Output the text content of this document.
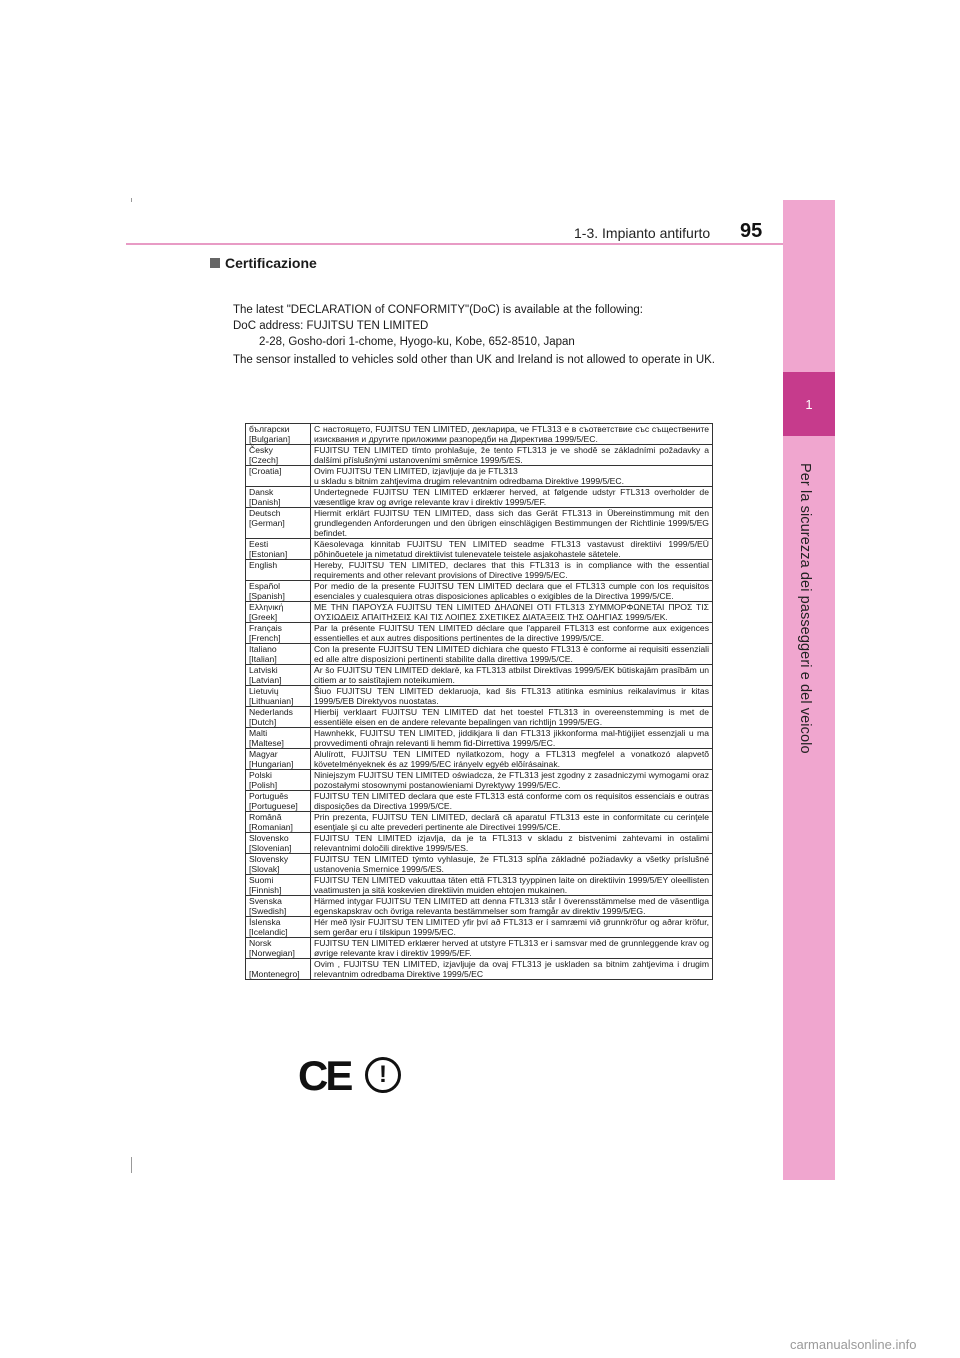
1
Per la sicurezza dei passeggeri e del veicolo
1-3. Impianto antifurto 95
Certificazione
The latest "DECLARATION of CONFORMITY"(DoC) is available at the following:
DoC address: FUJITSU TEN LIMITED
2-28, Gosho-dori 1-chome, Hyogo-ku, Kobe, 652-8510, Japan
The sensor installed to vehicles sold other than UK and Ireland is not allowed to operate in UK.
български
[Bulgarian]	С настоящето, FUJITSU TEN LIMITED, декларира, че FTL313 е в съответствие със съществените изисквания и другите приложими разпоредби на Директива 1999/5/ЕС.
Česky
[Czech]	FUJITSU TEN LIMITED tímto prohlašuje, že tento FTL313 je ve shodě se základními požadavky a dalšími příslušnými ustanoveními směrnice 1999/5/ES.
[Croatia]	Ovim FUJITSU TEN LIMITED, izjavljuje da je FTL313
u skladu s bitnim zahtjevima drugim relevantnim odredbama Direktive 1999/5/EC.
Dansk
[Danish]	Undertegnede FUJITSU TEN LIMITED erklærer herved, at følgende udstyr FTL313 overholder de væsentlige krav og øvrige relevante krav i direktiv 1999/5/EF.
Deutsch
[German]	Hiermit erklärt FUJITSU TEN LIMITED, dass sich das Gerät FTL313 in Übereinstimmung mit den grundlegenden Anforderungen und den übrigen einschlägigen Bestimmungen der Richtlinie 1999/5/EG befindet.
Eesti
[Estonian]	Käesolevaga kinnitab FUJITSU TEN LIMITED seadme FTL313 vastavust direktiivi 1999/5/EÜ põhinõuetele ja nimetatud direktiivist tulenevatele teistele asjakohastele sätetele.
English	Hereby, FUJITSU TEN LIMITED, declares that this FTL313 is in compliance with the essential requirements and other relevant provisions of Directive 1999/5/EC.
Español
[Spanish]	Por medio de la presente FUJITSU TEN LIMITED declara que el FTL313 cumple con los requisitos esenciales y cualesquiera otras disposiciones aplicables o exigibles de la Directiva 1999/5/CE.
Ελληνική
[Greek]	ΜΕ ΤΗΝ ΠΑΡΟΥΣΑ FUJITSU TEN LIMITED ΔΗΛΩΝΕΙ ΟΤΙ FTL313 ΣΥΜΜΟΡΦΩΝΕΤΑΙ ΠΡΟΣ ΤΙΣ ΟΥΣΙΩΔΕΙΣ ΑΠΑΙΤΗΣΕΙΣ ΚΑΙ ΤΙΣ ΛΟΙΠΕΣ ΣΧΕΤΙΚΕΣ ΔΙΑΤΑΞΕΙΣ ΤΗΣ ΟΔΗΓΙΑΣ 1999/5/ΕΚ.
Français
[French]	Par la présente FUJITSU TEN LIMITED déclare que l'appareil FTL313 est conforme aux exigences essentielles et aux autres dispositions pertinentes de la directive 1999/5/CE.
Italiano
[Italian]	Con la presente FUJITSU TEN LIMITED dichiara che questo FTL313 è conforme ai requisiti essenziali ed alle altre disposizioni pertinenti stabilite dalla direttiva 1999/5/CE.
Latviski
[Latvian]	Ar šo FUJITSU TEN LIMITED deklarē, ka FTL313 atbilst Direktīvas 1999/5/EK būtiskajām prasībām un citiem ar to saistītajiem noteikumiem.
Lietuvių
[Lithuanian]	Šiuo FUJITSU TEN LIMITED deklaruoja, kad šis FTL313 atitinka esminius reikalavimus ir kitas 1999/5/EB Direktyvos nuostatas.
Nederlands
[Dutch]	Hierbij verklaart FUJITSU TEN LIMITED dat het toestel FTL313 in overeenstemming is met de essentiële eisen en de andere relevante bepalingen van richtlijn 1999/5/EG.
Malti
[Maltese]	Hawnhekk, FUJITSU TEN LIMITED, jiddikjara li dan FTL313 jikkonforma mal-ħtiġijiet essenzjali u ma provvedimenti oħrajn relevanti li hemm fid-Dirrettiva 1999/5/EC.
Magyar
[Hungarian]	Alulírott, FUJITSU TEN LIMITED nyilatkozom, hogy a FTL313 megfelel a vonatkozó alapvetõ követelményeknek és az 1999/5/EC irányelv egyéb elõírásainak.
Polski
[Polish]	Niniejszym FUJITSU TEN LIMITED oświadcza, że FTL313 jest zgodny z zasadniczymi wymogami oraz pozostałymi stosownymi postanowieniami Dyrektywy 1999/5/EC.
Português
[Portuguese]	FUJITSU TEN LIMITED declara que este FTL313 está conforme com os requisitos essenciais e outras disposições da Directiva 1999/5/CE.
Română
[Romanian]	Prin prezenta, FUJITSU TEN LIMITED, declară că aparatul FTL313 este in conformitate cu cerinţele esenţiale şi cu alte prevederi pertinente ale Directivei 1999/5/CE.
Slovensko
[Slovenian]	FUJITSU TEN LIMITED izjavlja, da je ta FTL313 v skladu z bistvenimi zahtevami in ostalimi relevantnimi določili direktive 1999/5/ES.
Slovensky
[Slovak]	FUJITSU TEN LIMITED týmto vyhlasuje, že FTL313 spĺňa základné požiadavky a všetky príslušné ustanovenia Smernice 1999/5/ES.
Suomi
[Finnish]	FUJITSU TEN LIMITED vakuuttaa täten että FTL313 tyyppinen laite on direktiivin 1999/5/EY oleellisten vaatimusten ja sitä koskevien direktiivin muiden ehtojen mukainen.
Svenska
[Swedish]	Härmed intygar FUJITSU TEN LIMITED att denna FTL313 står I överensstämmelse med de väsentliga egenskapskrav och övriga relevanta bestämmelser som framgår av direktiv 1999/5/EG.
Íslenska
[Icelandic]	Hér með lýsir FUJITSU TEN LIMITED yfir því að FTL313 er í samræmi við grunnkröfur og aðrar kröfur, sem gerðar eru í tilskipun 1999/5/EC.
Norsk
[Norwegian]	FUJITSU TEN LIMITED erklærer herved at utstyre FTL313 er i samsvar med de grunnleggende krav og øvrige relevante krav i direktiv 1999/5/EF.

[Montenegro]	Ovim , FUJITSU TEN LIMITED, izjavljuje da ovaj FTL313 je uskladen sa bitnim zahtjevima i drugim relevantnim odredbama Direktive 1999/5/EC
CE !
carmanualsonline.info
